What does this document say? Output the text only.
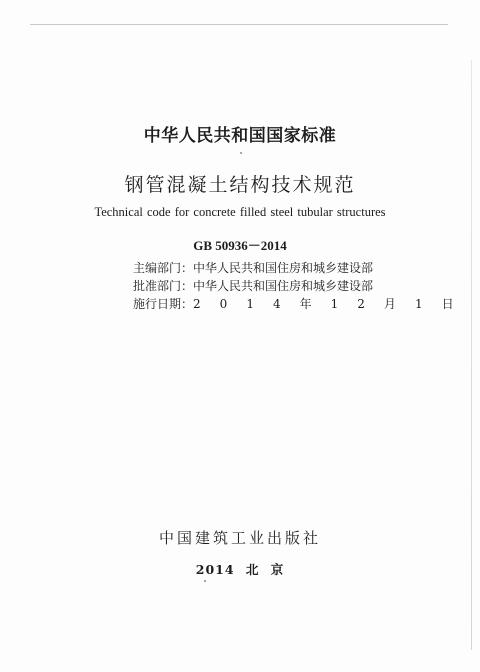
中华人民共和国国家标准
钢管混凝土结构技术规范
Technical code for concrete filled steel tubular structures
GB 50936－2014
主编部门：中华人民共和国住房和城乡建设部
批准部门：中华人民共和国住房和城乡建设部
施行日期：2 0 1 4 年 1 2 月 1 日
中国建筑工业出版社
2014 北 京
